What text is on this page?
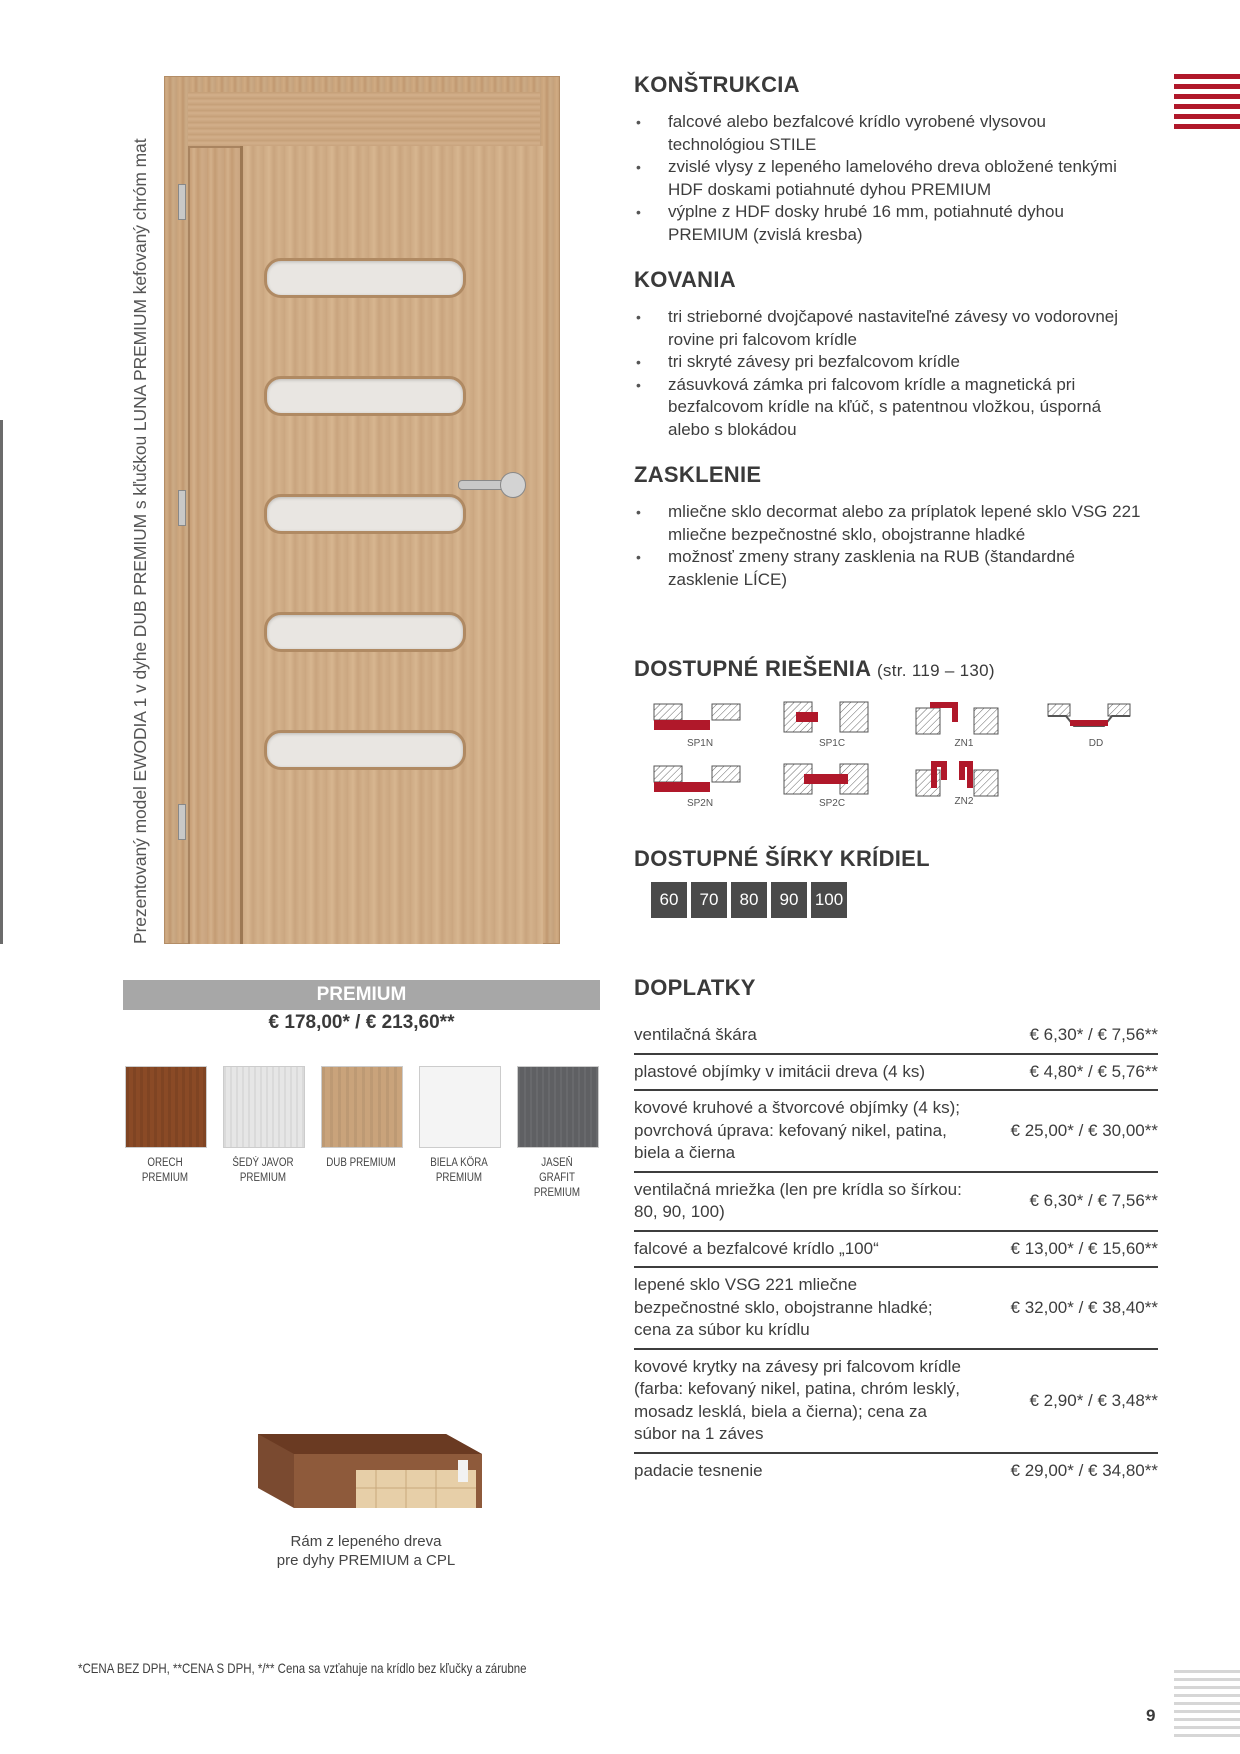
Prezentovaný model EWODIA 1 v dyhe DUB PREMIUM s kľučkou LUNA PREMIUM kefovaný chróm mat
KONŠTRUKCIA
• falcové alebo bezfalcové krídlo vyrobené vlysovou technológiou STILE
• zvislé vlysy z lepeného lamelového dreva obložené tenkými HDF doskami potiahnuté dyhou PREMIUM
• výplne z HDF dosky hrubé 16 mm, potiahnuté dyhou PREMIUM (zvislá kresba)
KOVANIA
• tri strieborné dvojčapové nastaviteľné závesy vo vodorovnej rovine pri falcovom krídle
• tri skryté závesy pri bezfalcovom krídle
• zásuvková zámka pri falcovom krídle a magnetická pri bezfalcovom krídle na kľúč, s patentnou vložkou, úsporná alebo s blokádou
ZASKLENIE
• mliečne sklo decormat alebo za príplatok lepené sklo VSG 221 mliečne bezpečnostné sklo, obojstranne hladké
• možnosť zmeny strany zasklenia na RUB (štandardné zasklenie LÍCE)
DOSTUPNÉ RIEŠENIA (str. 119 – 130)
SP1N	SP1C	ZN1	DD
SP2N	SP2C	ZN2
DOSTUPNÉ ŠÍRKY KRÍDIEL
60	70	80	90 100
PREMIUM
€ 178,00* / € 213,60**
ORECH PREMIUM
ŠEDÝ JAVOR PREMIUM
DUB PREMIUM	BIELA KÔRA PREMIUM
JASEŇ GRAFIT PREMIUM
Rám z lepeného dreva
pre dyhy PREMIUM a CPL
DOPLATKY
ventilačná škára	€ 6,30* / € 7,56**
plastové objímky v imitácii dreva (4 ks)	€ 4,80* / € 5,76**
kovové kruhové a štvorcové objímky (4 ks); povrchová úprava: kefovaný nikel, patina, biela a čierna
€ 25,00* / € 30,00**
ventilačná mriežka (len pre krídla so šírkou: 80, 90, 100)
€ 6,30* / € 7,56**
falcové a bezfalcové krídlo „100“	€ 13,00* / € 15,60**
lepené sklo VSG 221 mliečne bezpečnostné sklo, obojstranne hladké; cena za súbor ku krídlu
€ 32,00* / € 38,40**
kovové krytky na závesy pri falcovom krídle (farba: kefovaný nikel, patina, chróm lesklý, mosadz lesklá, biela a čierna); cena za súbor na 1 záves
€ 2,90* / € 3,48**
padacie tesnenie	€ 29,00* / € 34,80**
*CENA BEZ DPH, **CENA S DPH, */** Cena sa vzťahuje na krídlo bez kľučky a zárubne
9
